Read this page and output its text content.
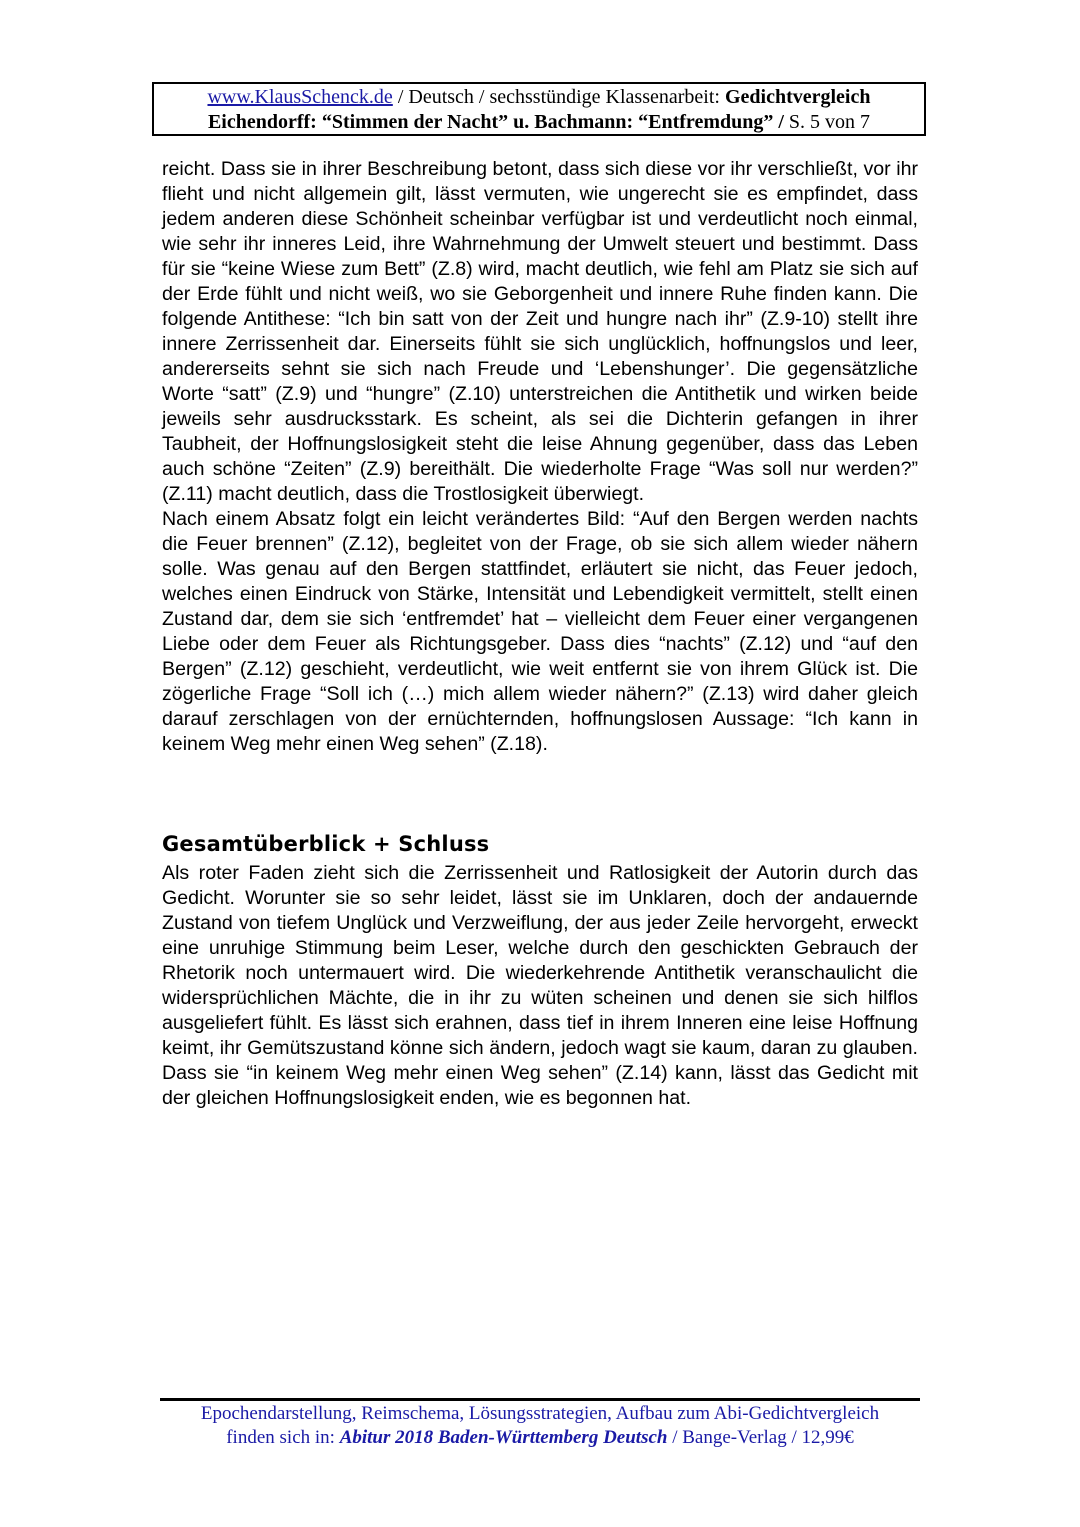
www.KlausSchenck.de / Deutsch / sechsstündige Klassenarbeit: Gedichtvergleich
Eichendorff: “Stimmen der Nacht” u. Bachmann: “Entfremdung” / S. 5 von 7

reicht. Dass sie in ihrer Beschreibung betont, dass sich diese vor ihr verschließt, vor ihr flieht und nicht allgemein gilt, lässt vermuten, wie ungerecht sie es empfindet, dass jedem anderen diese Schönheit scheinbar verfügbar ist und verdeutlicht noch einmal, wie sehr ihr inneres Leid, ihre Wahrnehmung der Umwelt steuert und bestimmt. Dass für sie “keine Wiese zum Bett” (Z.8) wird, macht deutlich, wie fehl am Platz sie sich auf der Erde fühlt und nicht weiß, wo sie Geborgenheit und innere Ruhe finden kann. Die folgende Antithese: “Ich bin satt von der Zeit und hungre nach ihr” (Z.9-10) stellt ihre innere Zerrissenheit dar. Einerseits fühlt sie sich unglücklich, hoffnungslos und leer, andererseits sehnt sie sich nach Freude und ‘Lebenshunger’. Die gegensätzliche Worte “satt” (Z.9) und “hungre” (Z.10) unterstreichen die Antithetik und wirken beide jeweils sehr ausdrucksstark. Es scheint, als sei die Dichterin gefangen in ihrer Taubheit, der Hoffnungslosigkeit steht die leise Ahnung gegenüber, dass das Leben auch schöne “Zeiten” (Z.9) bereithält. Die wiederholte Frage “Was soll nur werden?” (Z.11) macht deutlich, dass die Trostlosigkeit überwiegt.

Nach einem Absatz folgt ein leicht verändertes Bild: “Auf den Bergen werden nachts die Feuer brennen” (Z.12), begleitet von der Frage, ob sie sich allem wieder nähern solle. Was genau auf den Bergen stattfindet, erläutert sie nicht, das Feuer jedoch, welches einen Eindruck von Stärke, Intensität und Lebendigkeit vermittelt, stellt einen Zustand dar, dem sie sich ‘entfremdet’ hat – vielleicht dem Feuer einer vergangenen Liebe oder dem Feuer als Richtungsgeber. Dass dies “nachts” (Z.12) und “auf den Bergen” (Z.12) geschieht, verdeutlicht, wie weit entfernt sie von ihrem Glück ist. Die zögerliche Frage “Soll ich (…) mich allem wieder nähern?” (Z.13) wird daher gleich darauf zerschlagen von der ernüchternden, hoffnungslosen Aussage: “Ich kann in keinem Weg mehr einen Weg sehen” (Z.18).

Gesamtüberblick + Schluss

Als roter Faden zieht sich die Zerrissenheit und Ratlosigkeit der Autorin durch das Gedicht. Worunter sie so sehr leidet, lässt sie im Unklaren, doch der andauernde Zustand von tiefem Unglück und Verzweiflung, der aus jeder Zeile hervorgeht, erweckt eine unruhige Stimmung beim Leser, welche durch den geschickten Gebrauch der Rhetorik noch untermauert wird. Die wiederkehrende Antithetik veranschaulicht die widersprüchlichen Mächte, die in ihr zu wüten scheinen und denen sie sich hilflos ausgeliefert fühlt. Es lässt sich erahnen, dass tief in ihrem Inneren eine leise Hoffnung keimt, ihr Gemütszustand könne sich ändern, jedoch wagt sie kaum, daran zu glauben. Dass sie “in keinem Weg mehr einen Weg sehen” (Z.14) kann, lässt das Gedicht mit der gleichen Hoffnungslosigkeit enden, wie es begonnen hat.

Epochendarstellung, Reimschema, Lösungsstrategien, Aufbau zum Abi-Gedichtvergleich
finden sich in: Abitur 2018 Baden-Württemberg Deutsch / Bange-Verlag / 12,99€
